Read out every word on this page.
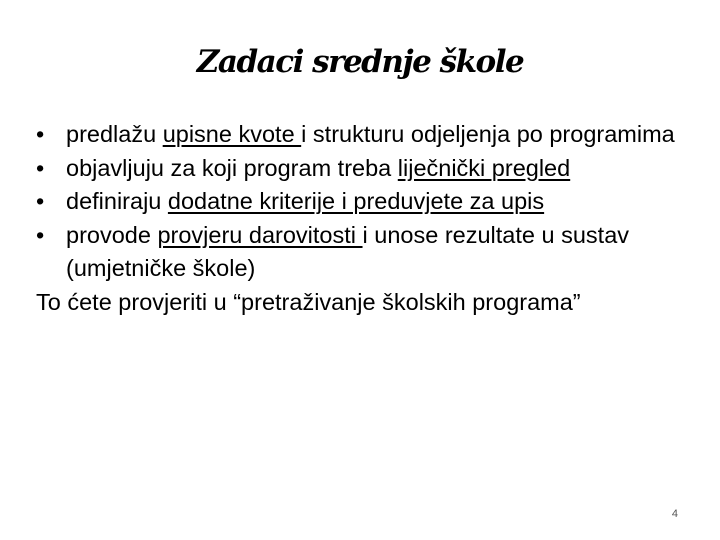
Zadaci srednje škole

• predlažu upisne kvote i strukturu odjeljenja po programima

• objavljuju za koji program treba liječnički pregled

• definiraju dodatne kriterije i preduvjete za upis

• provode provjeru darovitosti i unose rezultate u sustav (umjetničke škole)

To ćete provjeriti u “pretraživanje školskih programa”

4
